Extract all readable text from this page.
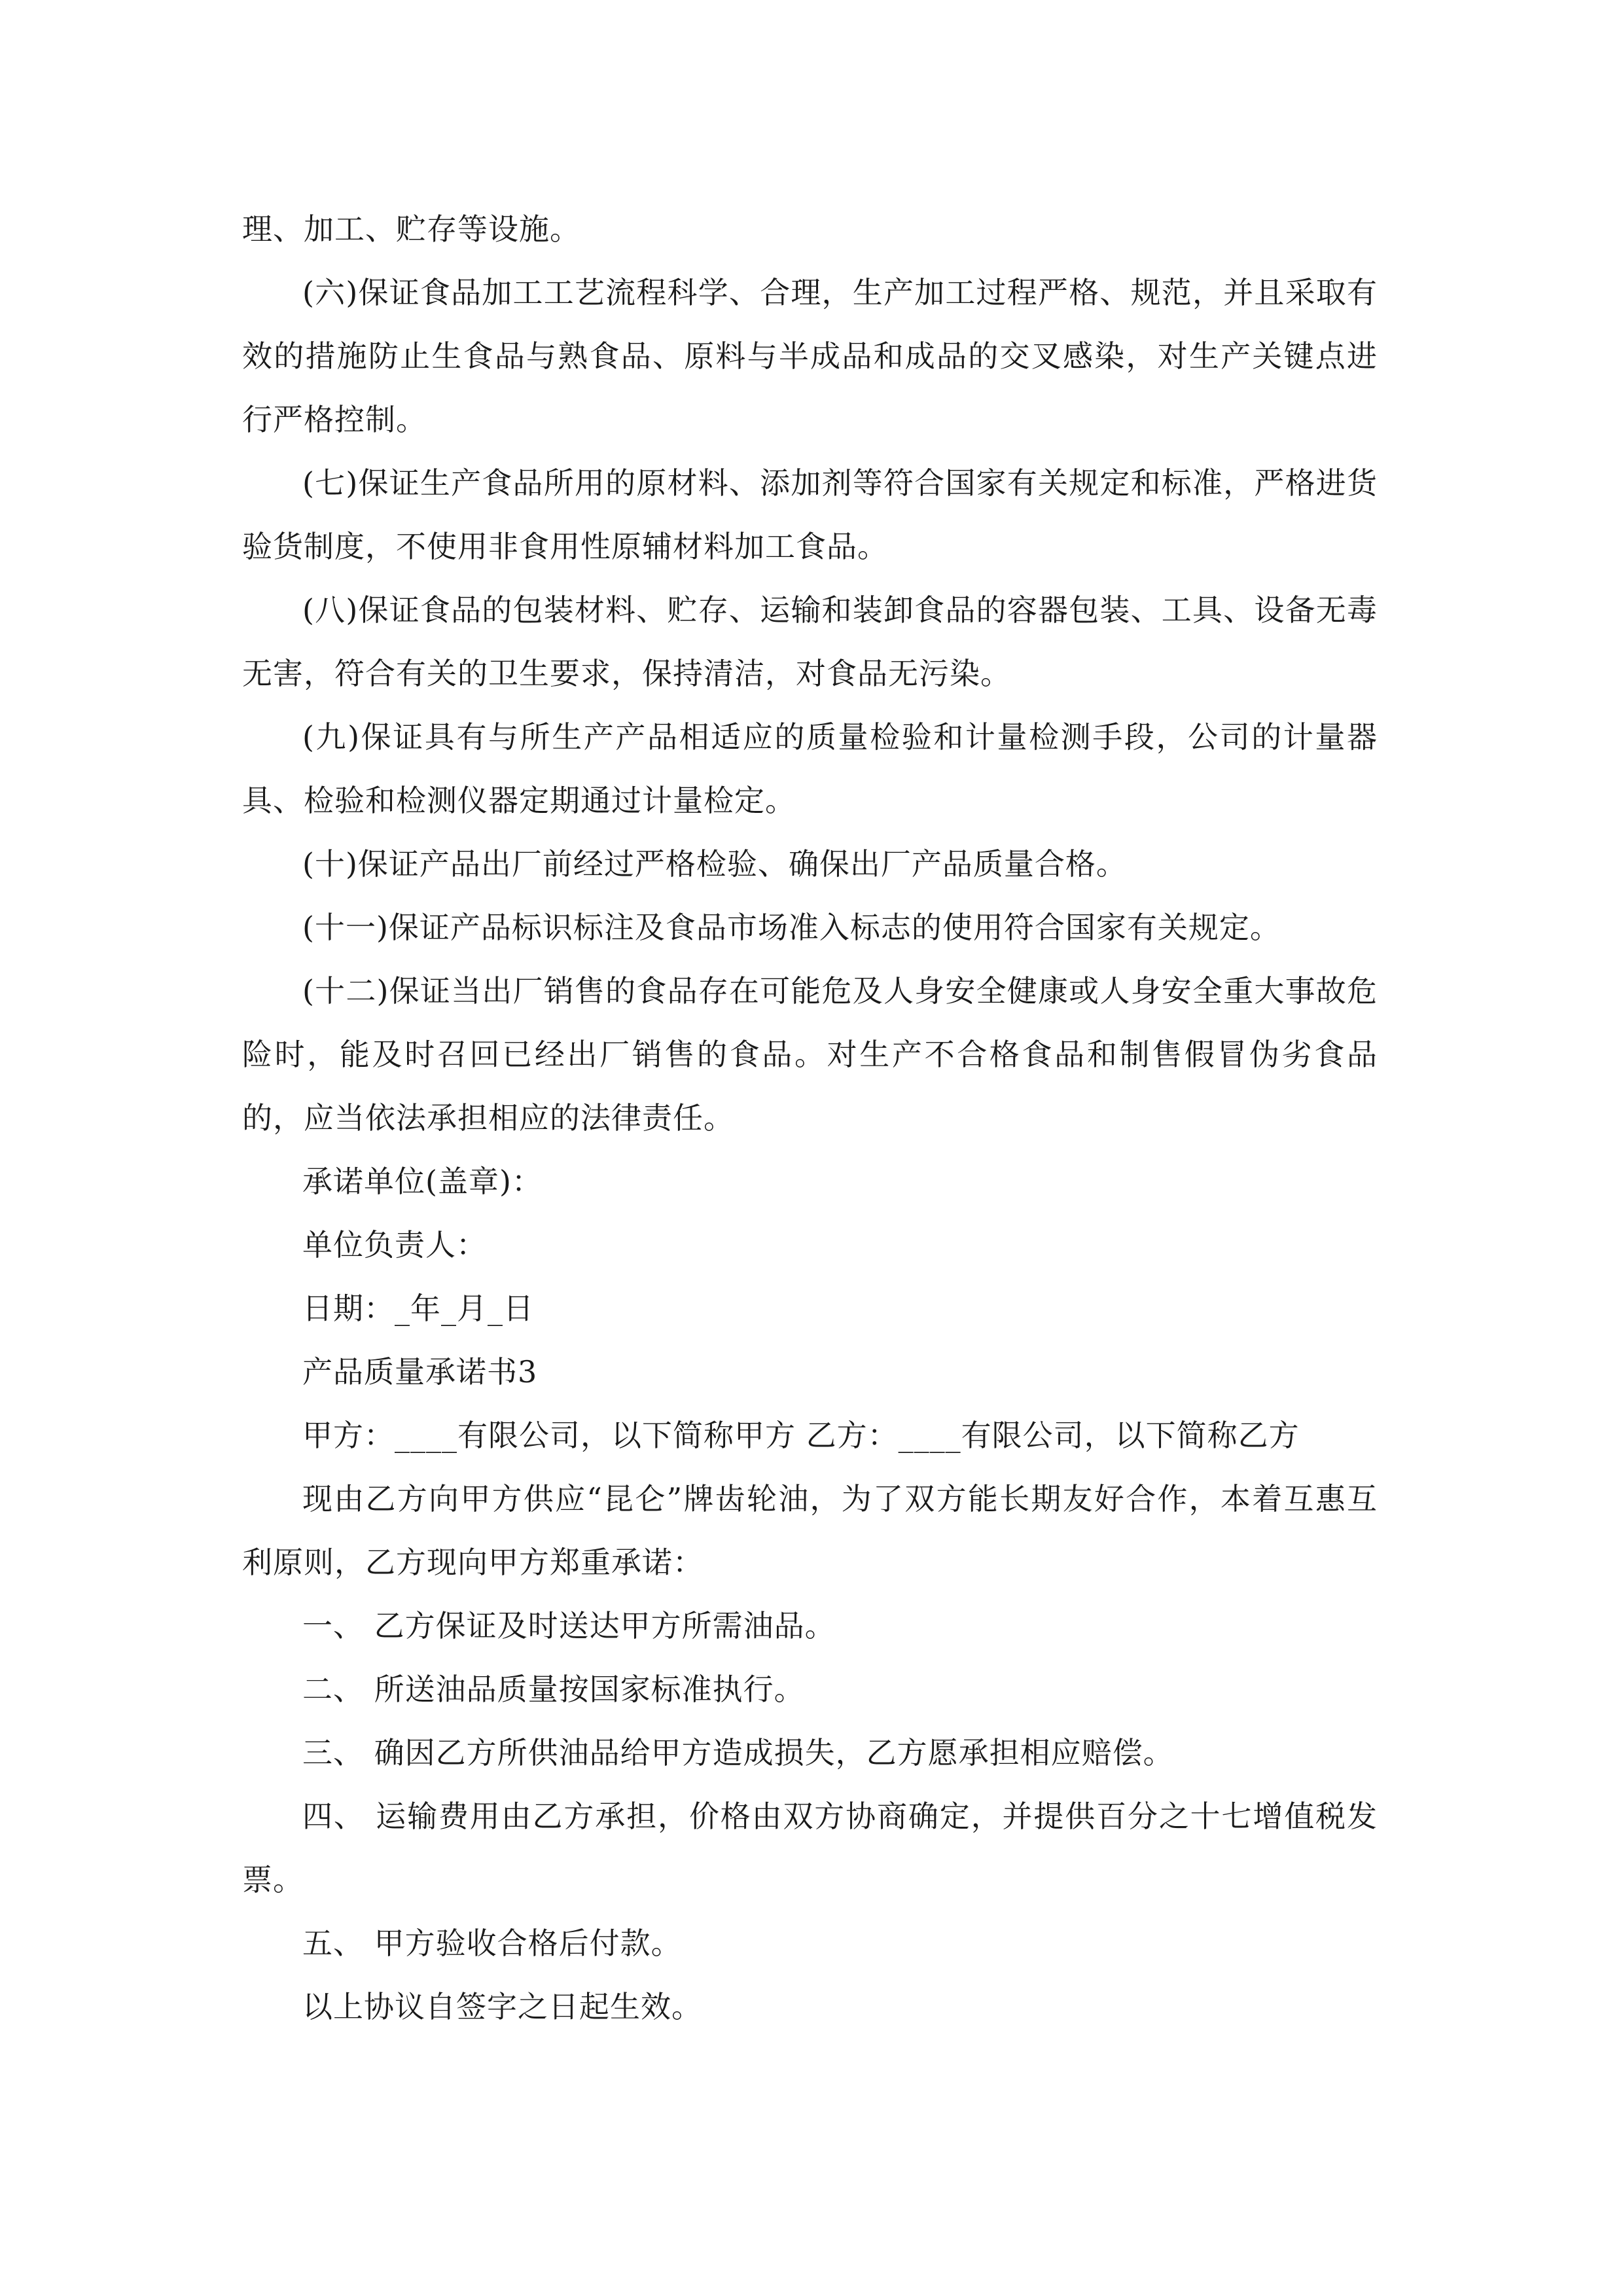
理、加工、贮存等设施。

(六)保证食品加工工艺流程科学、合理，生产加工过程严格、规范，并且采取有效的措施防止生食品与熟食品、原料与半成品和成品的交叉感染，对生产关键点进行严格控制。

(七)保证生产食品所用的原材料、添加剂等符合国家有关规定和标准，严格进货验货制度，不使用非食用性原辅材料加工食品。

(八)保证食品的包装材料、贮存、运输和装卸食品的容器包装、工具、设备无毒无害，符合有关的卫生要求，保持清洁，对食品无污染。

(九)保证具有与所生产产品相适应的质量检验和计量检测手段，公司的计量器具、检验和检测仪器定期通过计量检定。

(十)保证产品出厂前经过严格检验、确保出厂产品质量合格。

(十一)保证产品标识标注及食品市场准入标志的使用符合国家有关规定。

(十二)保证当出厂销售的食品存在可能危及人身安全健康或人身安全重大事故危险时，能及时召回已经出厂销售的食品。对生产不合格食品和制售假冒伪劣食品的，应当依法承担相应的法律责任。

承诺单位(盖章)：

单位负责人：

日期：_年_月_日

产品质量承诺书3

甲方：____有限公司，以下简称甲方 乙方：____有限公司，以下简称乙方

现由乙方向甲方供应“昆仑”牌齿轮油，为了双方能长期友好合作，本着互惠互利原则，乙方现向甲方郑重承诺：

一、 乙方保证及时送达甲方所需油品。

二、 所送油品质量按国家标准执行。

三、 确因乙方所供油品给甲方造成损失，乙方愿承担相应赔偿。

四、 运输费用由乙方承担，价格由双方协商确定，并提供百分之十七增值税发票。

五、 甲方验收合格后付款。

以上协议自签字之日起生效。
